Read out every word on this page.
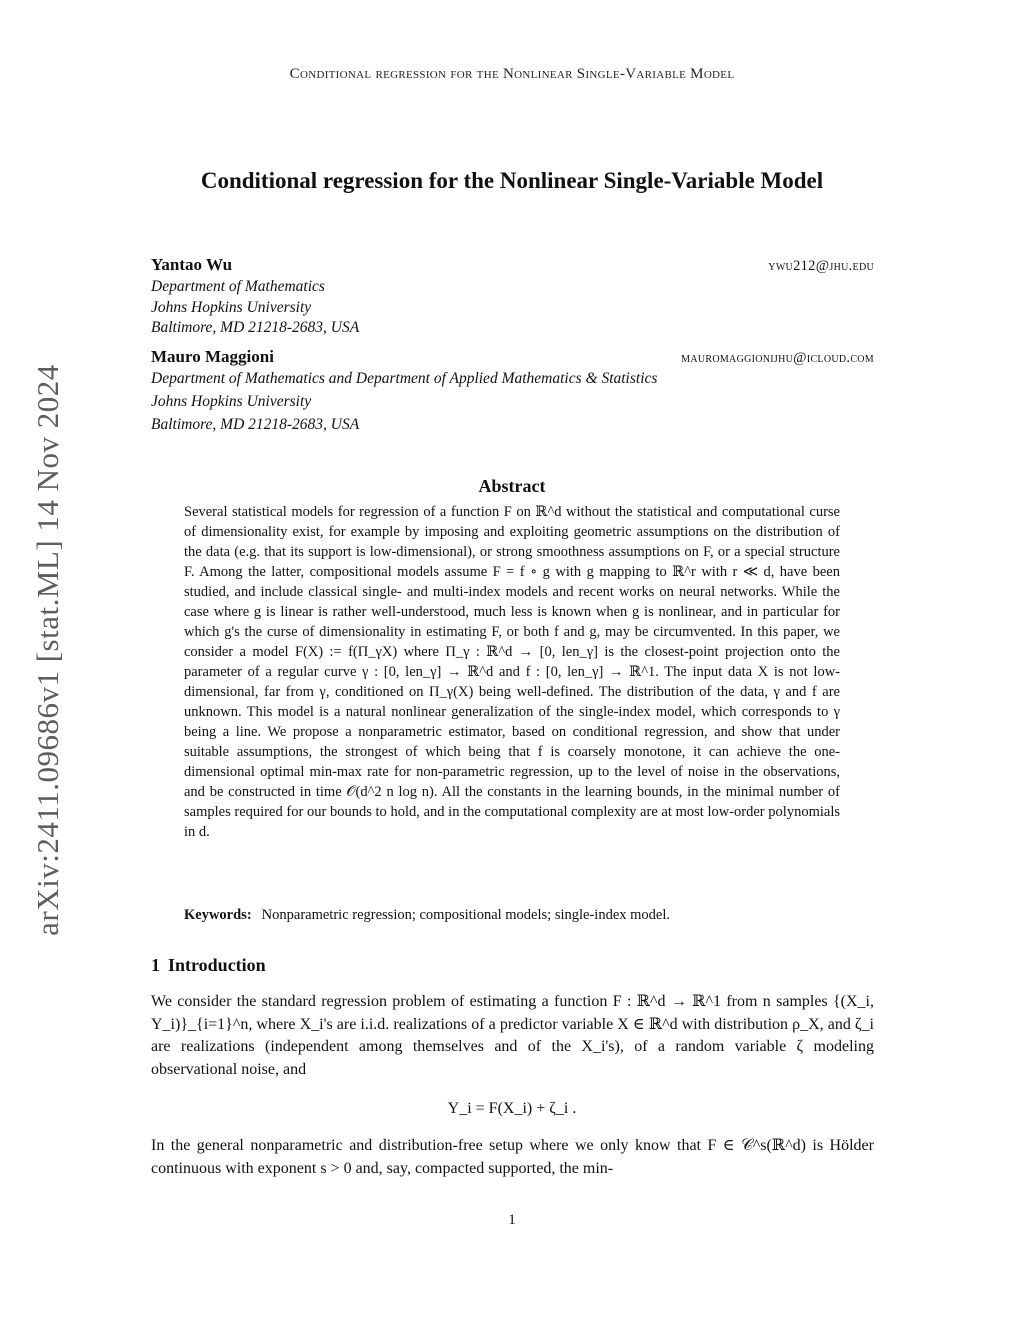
Conditional regression for the Nonlinear Single-Variable Model
arXiv:2411.09686v1 [stat.ML] 14 Nov 2024
Conditional regression for the Nonlinear Single-Variable Model
Yantao Wu	ywu212@jhu.edu
Department of Mathematics
Johns Hopkins University
Baltimore, MD 21218-2683, USA
Mauro Maggioni	mauromaggionijhu@icloud.com
Department of Mathematics and Department of Applied Mathematics & Statistics
Johns Hopkins University
Baltimore, MD 21218-2683, USA
Abstract

Several statistical models for regression of a function F on ℝ^d without the statistical and computational curse of dimensionality exist, for example by imposing and exploiting geometric assumptions on the distribution of the data (e.g. that its support is low-dimensional), or strong smoothness assumptions on F, or a special structure F. Among the latter, compositional models assume F = f ∘ g with g mapping to ℝ^r with r ≪ d, have been studied, and include classical single- and multi-index models and recent works on neural networks. While the case where g is linear is rather well-understood, much less is known when g is nonlinear, and in particular for which g's the curse of dimensionality in estimating F, or both f and g, may be circumvented. In this paper, we consider a model F(X) := f(Π_γX) where Π_γ : ℝ^d → [0, len_γ] is the closest-point projection onto the parameter of a regular curve γ : [0, len_γ] → ℝ^d and f : [0, len_γ] → ℝ^1. The input data X is not low-dimensional, far from γ, conditioned on Π_γ(X) being well-defined. The distribution of the data, γ and f are unknown. This model is a natural nonlinear generalization of the single-index model, which corresponds to γ being a line. We propose a nonparametric estimator, based on conditional regression, and show that under suitable assumptions, the strongest of which being that f is coarsely monotone, it can achieve the one-dimensional optimal min-max rate for non-parametric regression, up to the level of noise in the observations, and be constructed in time 𝒪(d^2 n log n). All the constants in the learning bounds, in the minimal number of samples required for our bounds to hold, and in the computational complexity are at most low-order polynomials in d.

Keywords: Nonparametric regression; compositional models; single-index model.
1 Introduction

We consider the standard regression problem of estimating a function F : ℝ^d → ℝ^1 from n samples {(X_i, Y_i)}_{i=1}^n, where X_i's are i.i.d. realizations of a predictor variable X ∈ ℝ^d with distribution ρ_X, and ζ_i are realizations (independent among themselves and of the X_i's), of a random variable ζ modeling observational noise, and

Y_i = F(X_i) + ζ_i .

In the general nonparametric and distribution-free setup where we only know that F ∈ 𝒞^s(ℝ^d) is Hölder continuous with exponent s > 0 and, say, compacted supported, the min-

1
